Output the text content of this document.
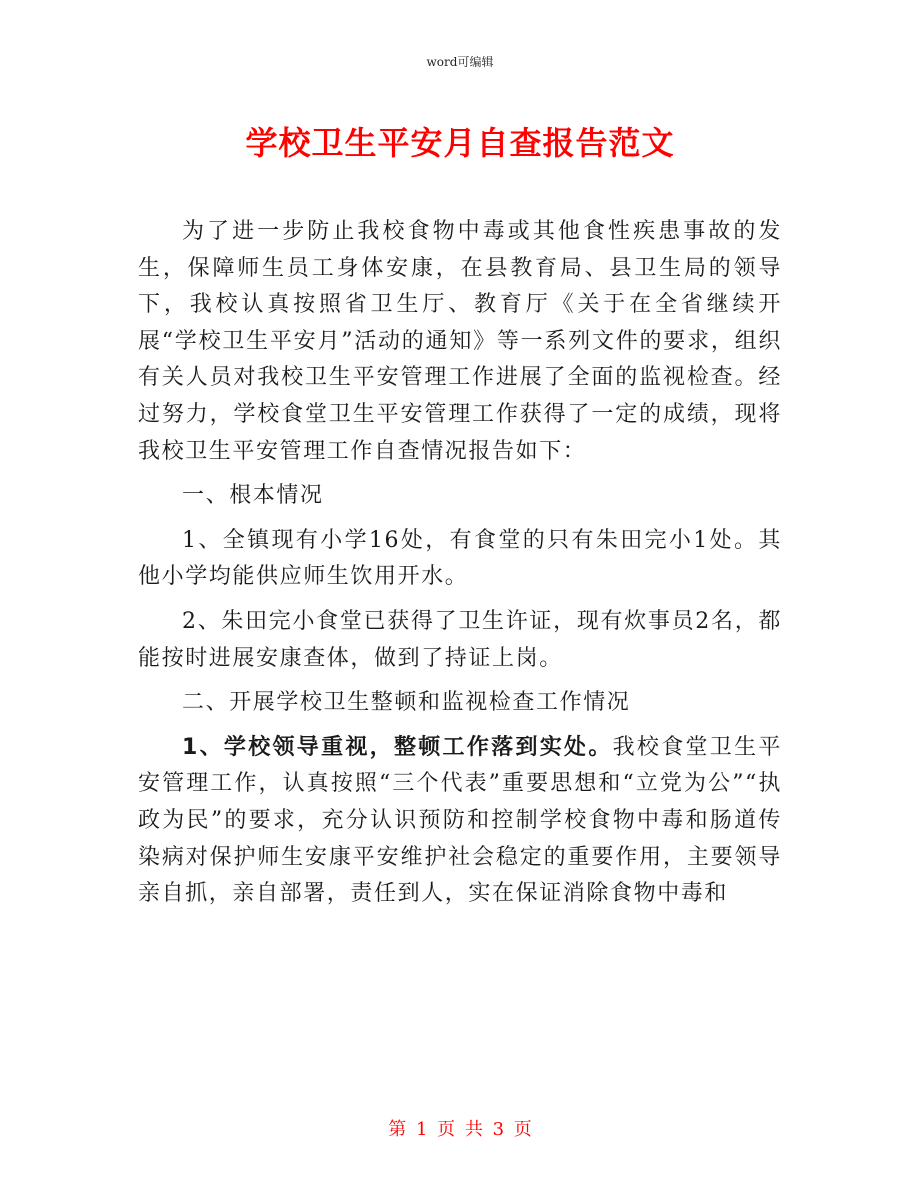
word可编辑
学校卫生平安月自查报告范文

为了进一步防止我校食物中毒或其他食性疾患事故的发生，保障师生员工身体安康，在县教育局、县卫生局的领导下，我校认真按照省卫生厅、教育厅《关于在全省继续开展“学校卫生平安月”活动的通知》等一系列文件的要求，组织有关人员对我校卫生平安管理工作进展了全面的监视检查。经过努力，学校食堂卫生平安管理工作获得了一定的成绩，现将我校卫生平安管理工作自查情况报告如下：

一、根本情况

1、全镇现有小学16处，有食堂的只有朱田完小1处。其他小学均能供应师生饮用开水。

2、朱田完小食堂已获得了卫生许证，现有炊事员2名，都能按时进展安康查体，做到了持证上岗。

二、开展学校卫生整顿和监视检查工作情况

1、学校领导重视，整顿工作落到实处。我校食堂卫生平安管理工作，认真按照“三个代表”重要思想和“立党为公”“执政为民”的要求，充分认识预防和控制学校食物中毒和肠道传染病对保护师生安康平安维护社会稳定的重要作用，主要领导亲自抓，亲自部署，责任到人，实在保证消除食物中毒和

第 1 页 共 3 页
